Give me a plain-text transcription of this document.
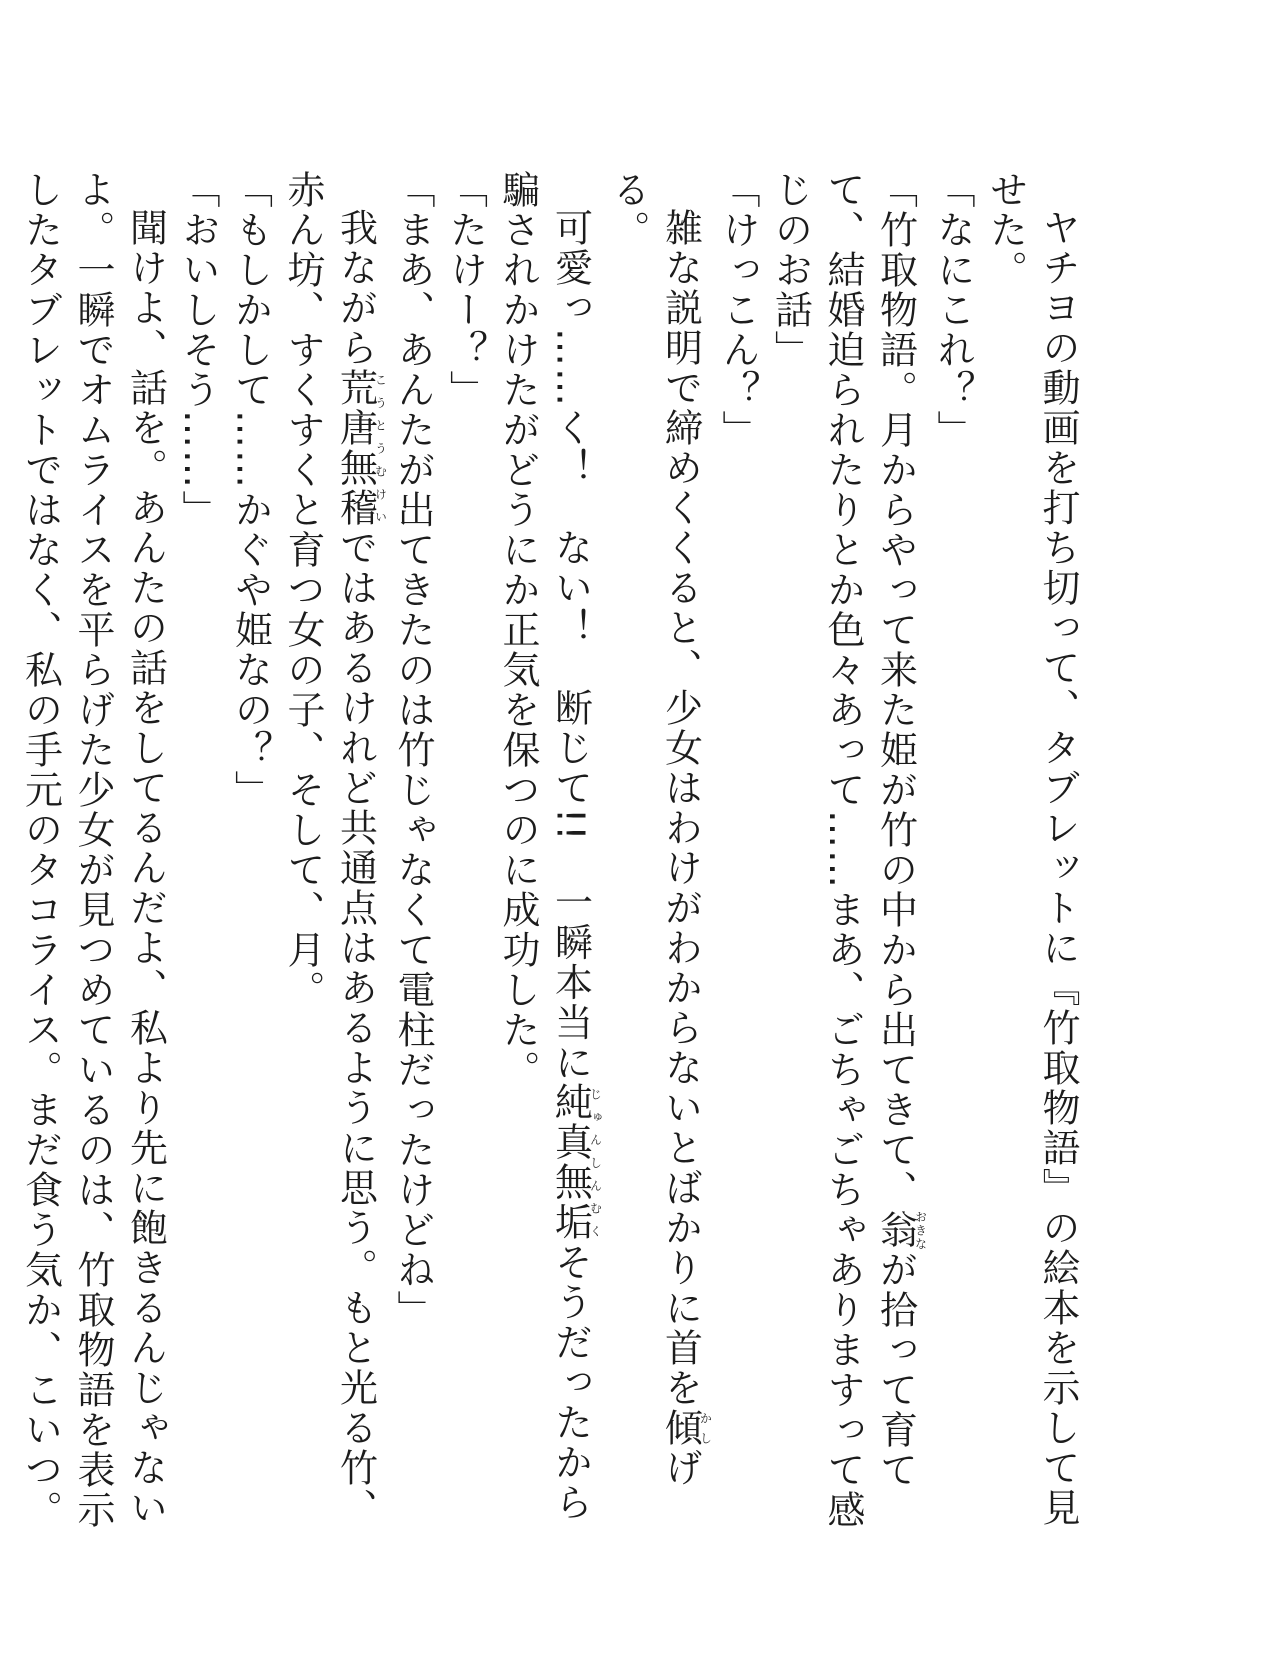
ヤチヨの動画を打ち切って、タブレットに『竹取物語』の絵本を示して見せた。

「なにこれ？」

「竹取物語。月からやって来た姫が竹の中から出てきて、翁おきなが拾って育てて、結婚迫られたりとか色々あって……まあ、ごちゃごちゃありますって感じのお話」

「けっこん？」

雑な説明で締めくくると、少女はわけがわからないとばかりに首を傾かしげる。

可愛っ……く！　ない！　断じて!!　一瞬本当に純真無垢じゅんしんむくそうだったから騙されかけたがどうにか正気を保つのに成功した。

「たけー？」

「まあ、あんたが出てきたのは竹じゃなくて電柱だったけどね」

我ながら荒唐無稽こうとうむけいではあるけれど共通点はあるように思う。もと光る竹、赤ん坊、すくすくと育つ女の子、そして、月。

「もしかして……かぐや姫なの？」

「おいしそう……」

聞けよ、話を。あんたの話をしてるんだよ、私より先に飽きるんじゃないよ。一瞬でオムライスを平らげた少女が見つめているのは、竹取物語を表示したタブレットではなく、私の手元のタコライス。まだ食う気か、こいつ。
